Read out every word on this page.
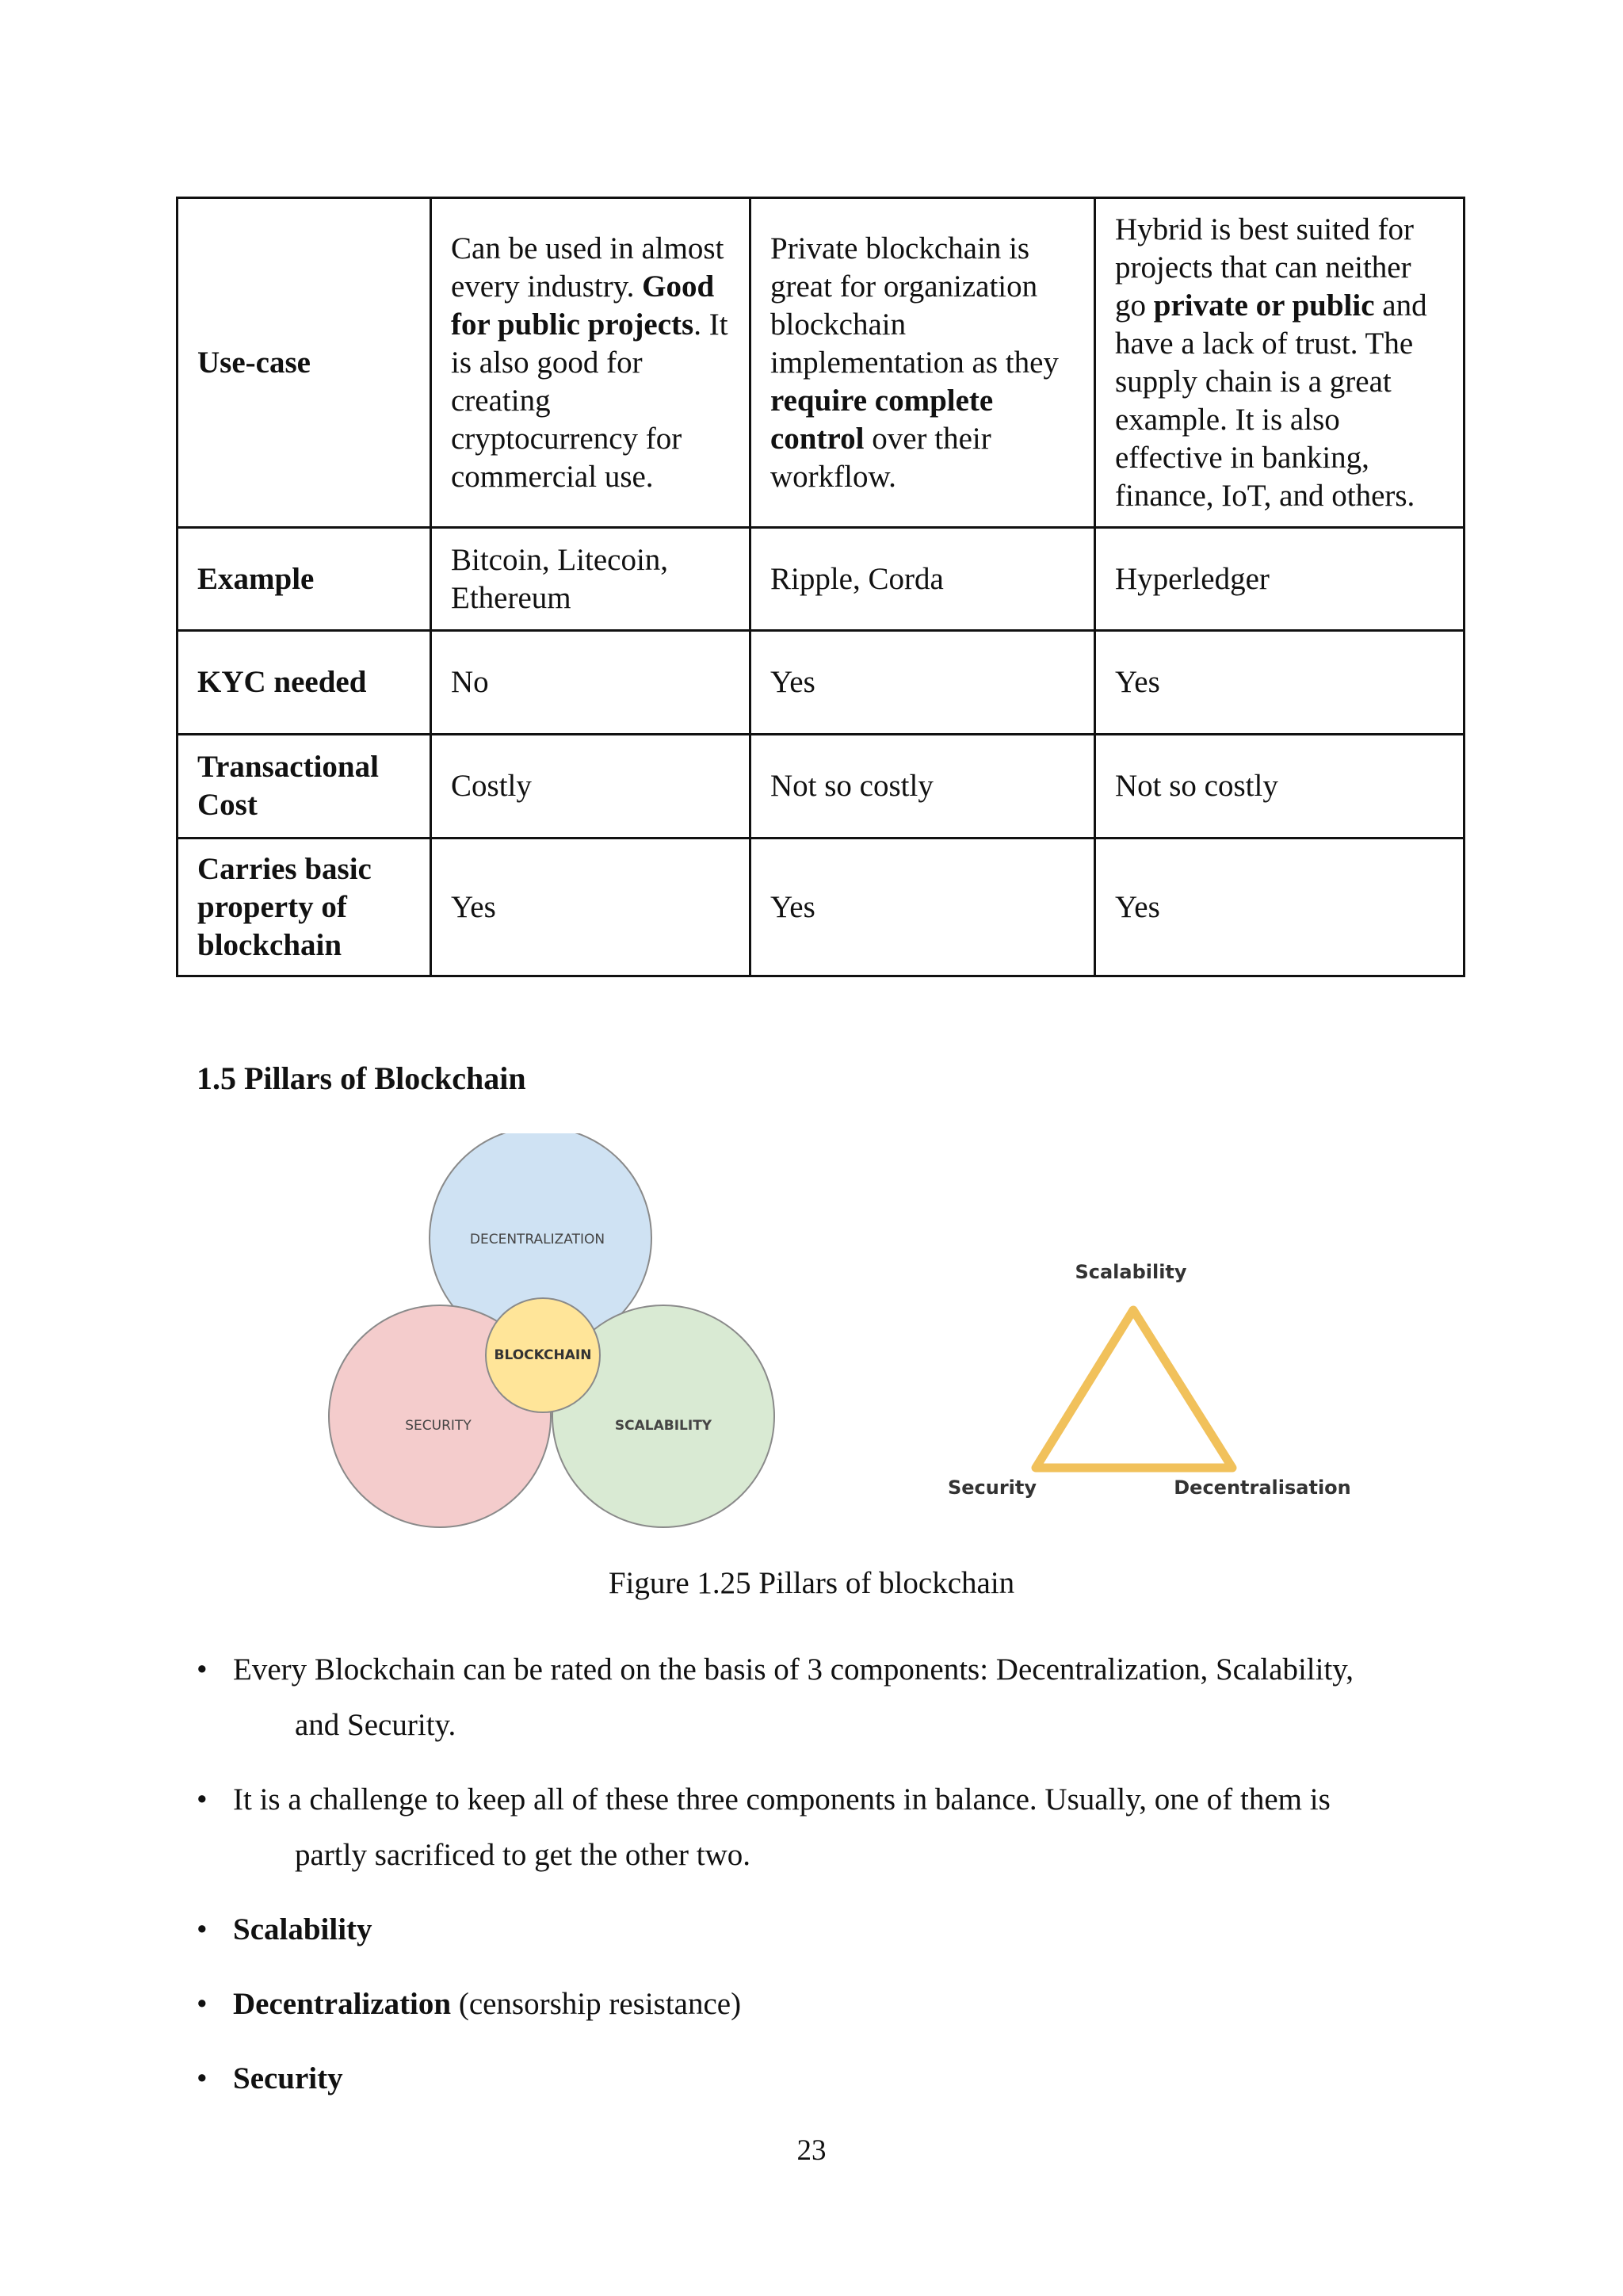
Use-case	Can be used in almost every industry. Good for public projects. It is also good for creating cryptocurrency for commercial use.	Private blockchain is great for organization blockchain implementation as they require complete control over their workflow.	Hybrid is best suited for projects that can neither go private or public and have a lack of trust. The supply chain is a great example. It is also effective in banking, finance, IoT, and others.
Example	Bitcoin, Litecoin, Ethereum	Ripple, Corda	Hyperledger
KYC needed	No	Yes	Yes
Transactional Cost	Costly	Not so costly	Not so costly
Carries basic property of blockchain	Yes	Yes	Yes
1.5 Pillars of Blockchain
DECENTRALIZATION
SECURITY	SCALABILITY
BLOCKCHAIN
Scalability
Security	Decentralisation
Figure 1.25 Pillars of blockchain
• Every Blockchain can be rated on the basis of 3 components: Decentralization, Scalability,
and Security.
• It is a challenge to keep all of these three components in balance. Usually, one of them is
partly sacrificed to get the other two.
• Scalability
• Decentralization (censorship resistance)
• Security
23
